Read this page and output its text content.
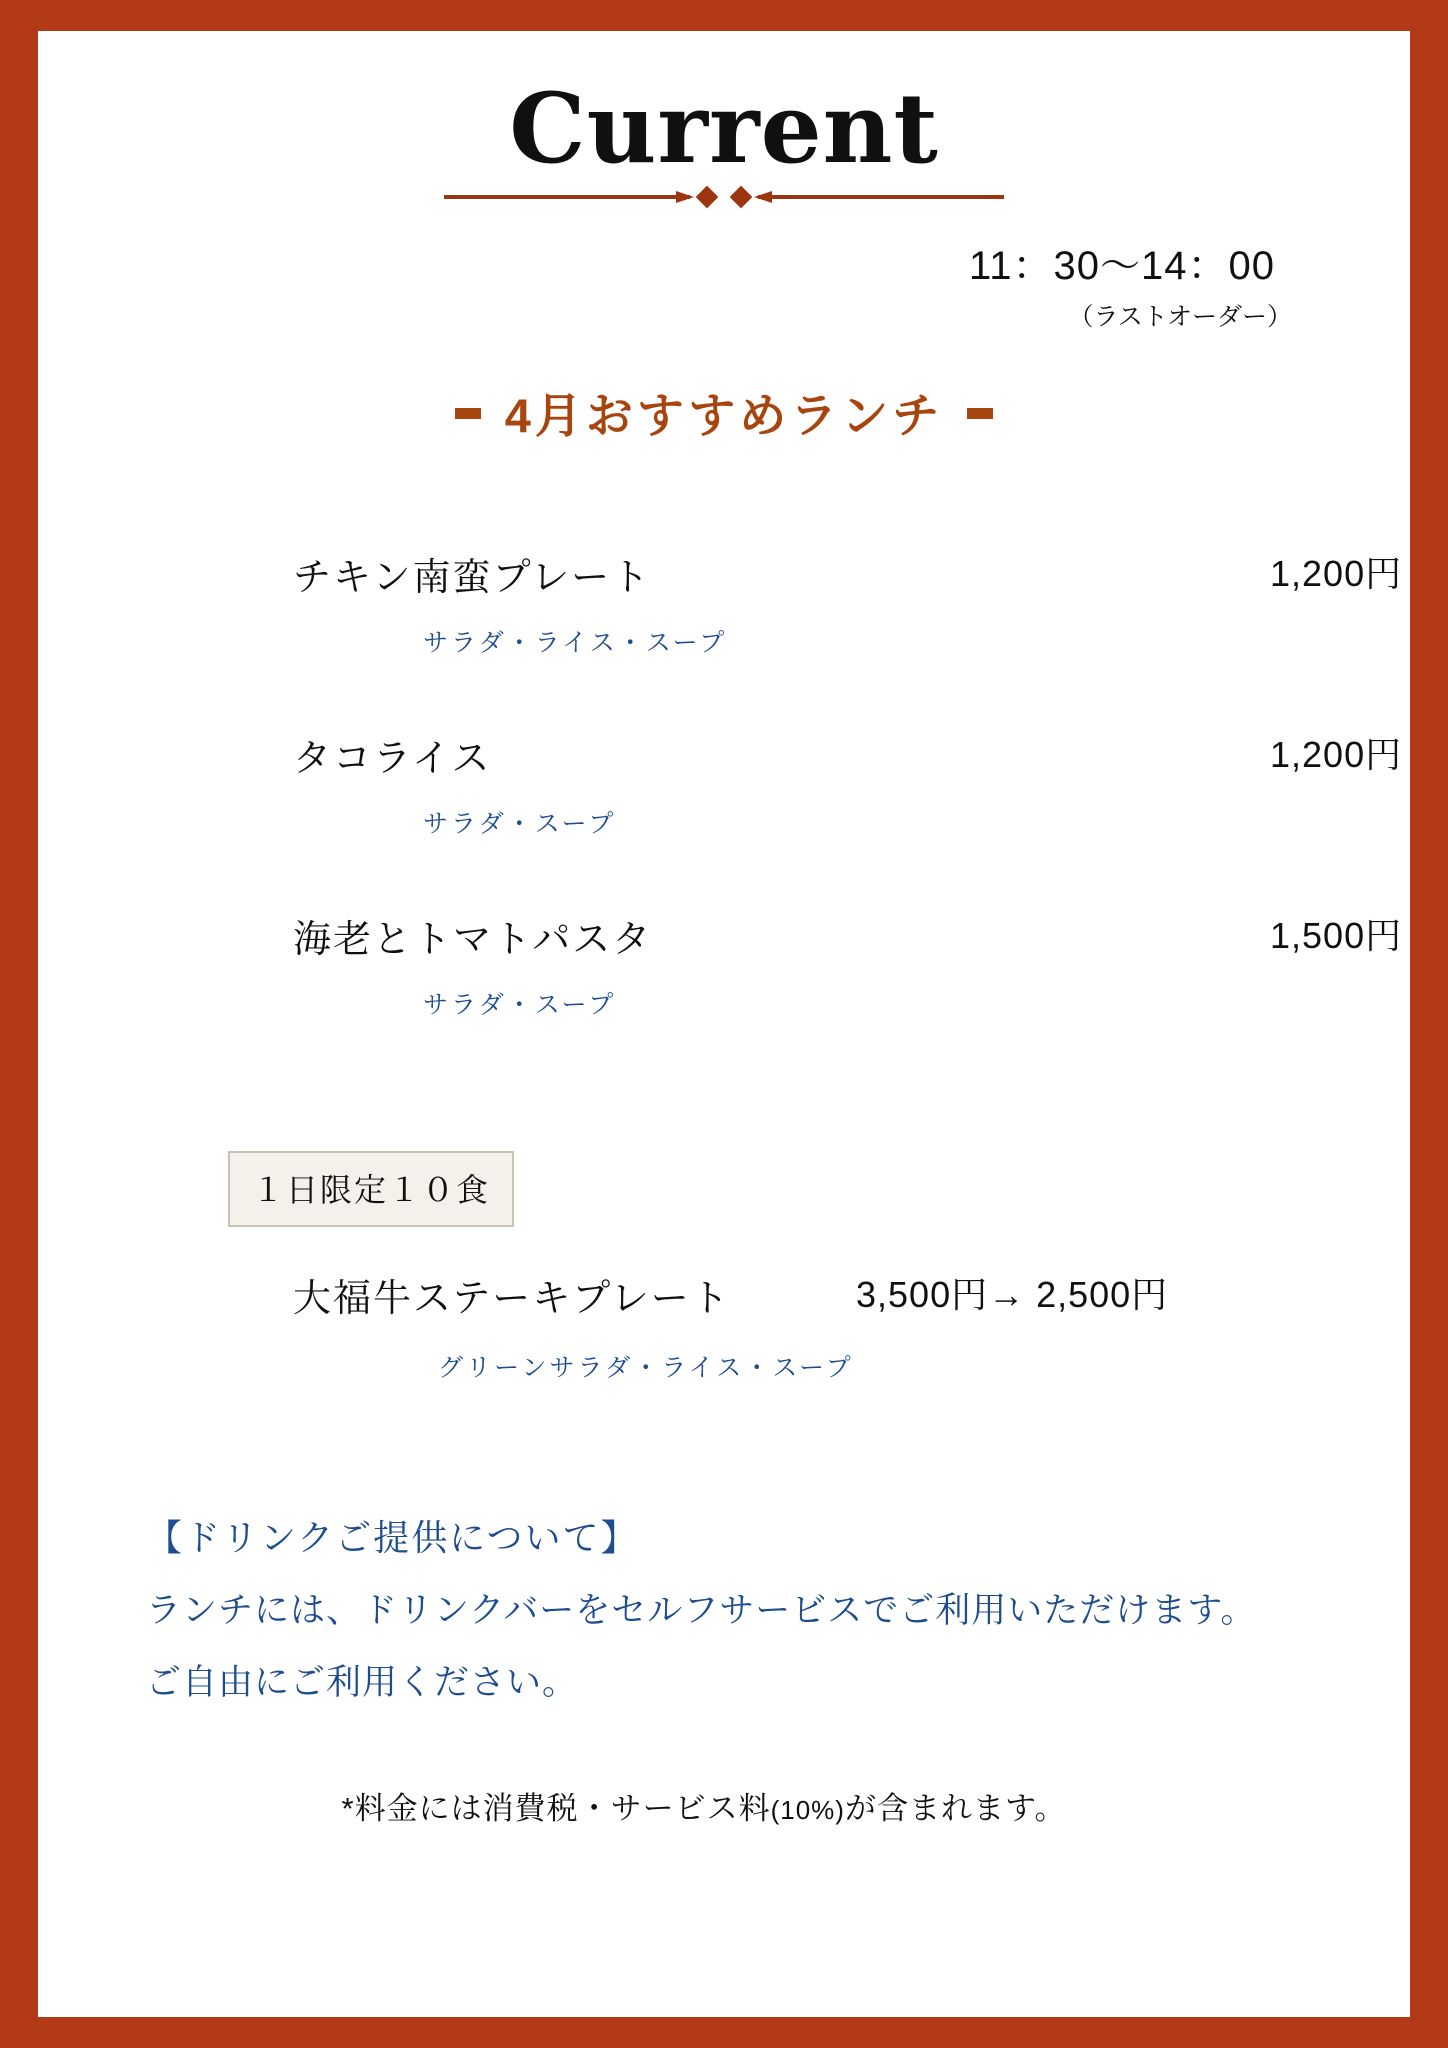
Current
11：30〜14：00
（ラストオーダー）
4月おすすめランチ
チキン南蛮プレート	1,200円
サラダ・ライス・スープ
タコライス	1,200円
サラダ・スープ
海老とトマトパスタ	1,500円
サラダ・スープ
１日限定１０食
大福牛ステーキプレート	3,500円→ 2,500円
グリーンサラダ・ライス・スープ
【ドリンクご提供について】
ランチには、ドリンクバーをセルフサービスでご利用いただけます。
ご自由にご利用ください。
*料金には消費税・サービス料(10%)が含まれます。
